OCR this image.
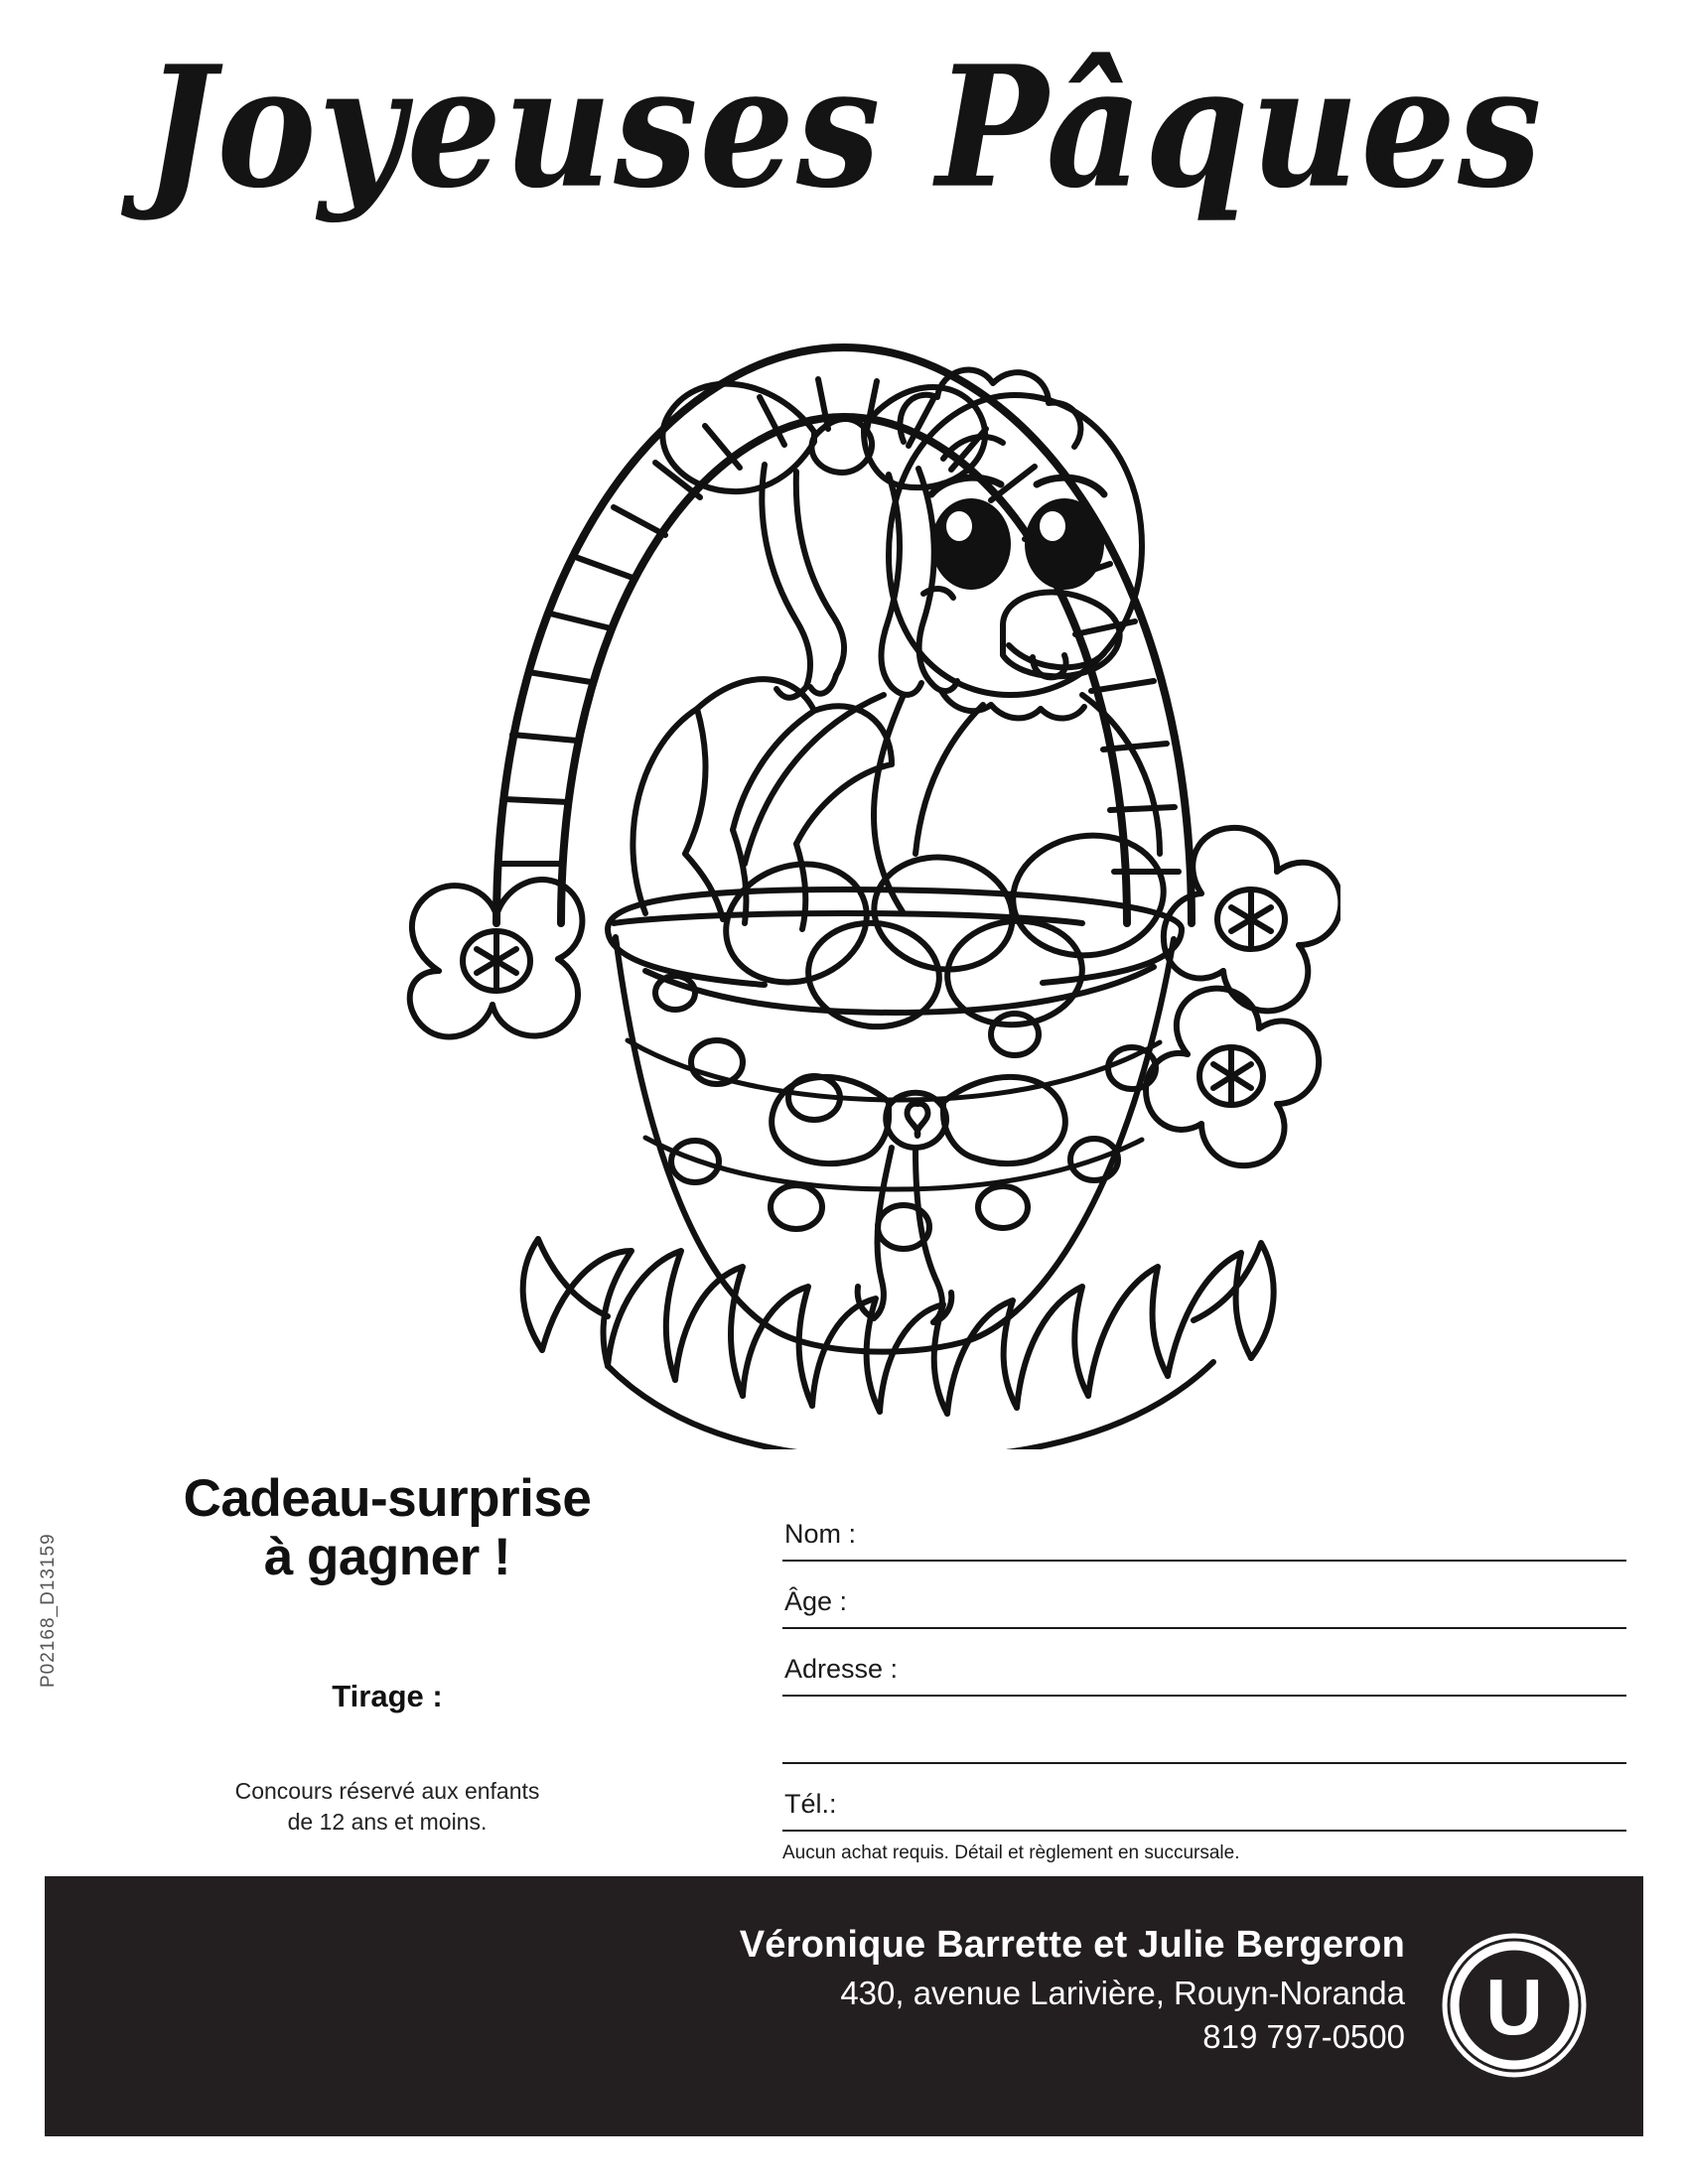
Joyeuses Pâques
P02168_D13159
Cadeau-surprise
à gagner !
Tirage :
Concours réservé aux enfants
de 12 ans et moins.
Nom :
Âge :
Adresse :
Tél.:
Aucun achat requis. Détail et règlement en succursale.
Véronique Barrette et Julie Bergeron
430, avenue Larivière, Rouyn-Noranda
819 797-0500 U
